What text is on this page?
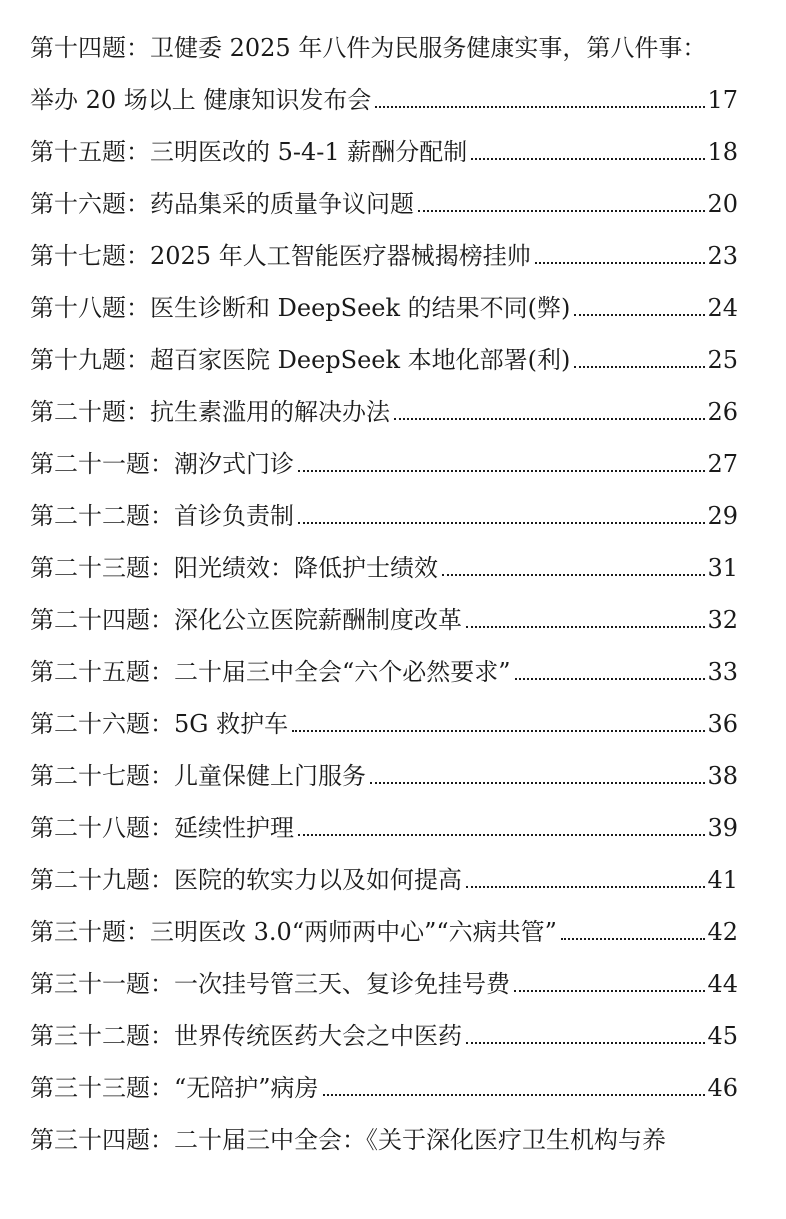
第十四题：卫健委 2025 年八件为民服务健康实事，第八件事：
举办 20 场以上 健康知识发布会	17
第十五题：三明医改的 5-4-1 薪酬分配制	18
第十六题：药品集采的质量争议问题	20
第十七题：2025 年人工智能医疗器械揭榜挂帅	23
第十八题：医生诊断和 DeepSeek 的结果不同(弊)	24
第十九题：超百家医院 DeepSeek 本地化部署(利)	25
第二十题：抗生素滥用的解决办法	26
第二十一题：潮汐式门诊	27
第二十二题：首诊负责制	29
第二十三题：阳光绩效：降低护士绩效	31
第二十四题：深化公立医院薪酬制度改革	32
第二十五题：二十届三中全会“六个必然要求”	33
第二十六题：5G 救护车	36
第二十七题：儿童保健上门服务	38
第二十八题：延续性护理	39
第二十九题：医院的软实力以及如何提高	41
第三十题：三明医改 3.0“两师两中心”“六病共管”	42
第三十一题：一次挂号管三天、复诊免挂号费	44
第三十二题：世界传统医药大会之中医药	45
第三十三题：“无陪护”病房	46
第三十四题：二十届三中全会：《关于深化医疗卫生机构与养
